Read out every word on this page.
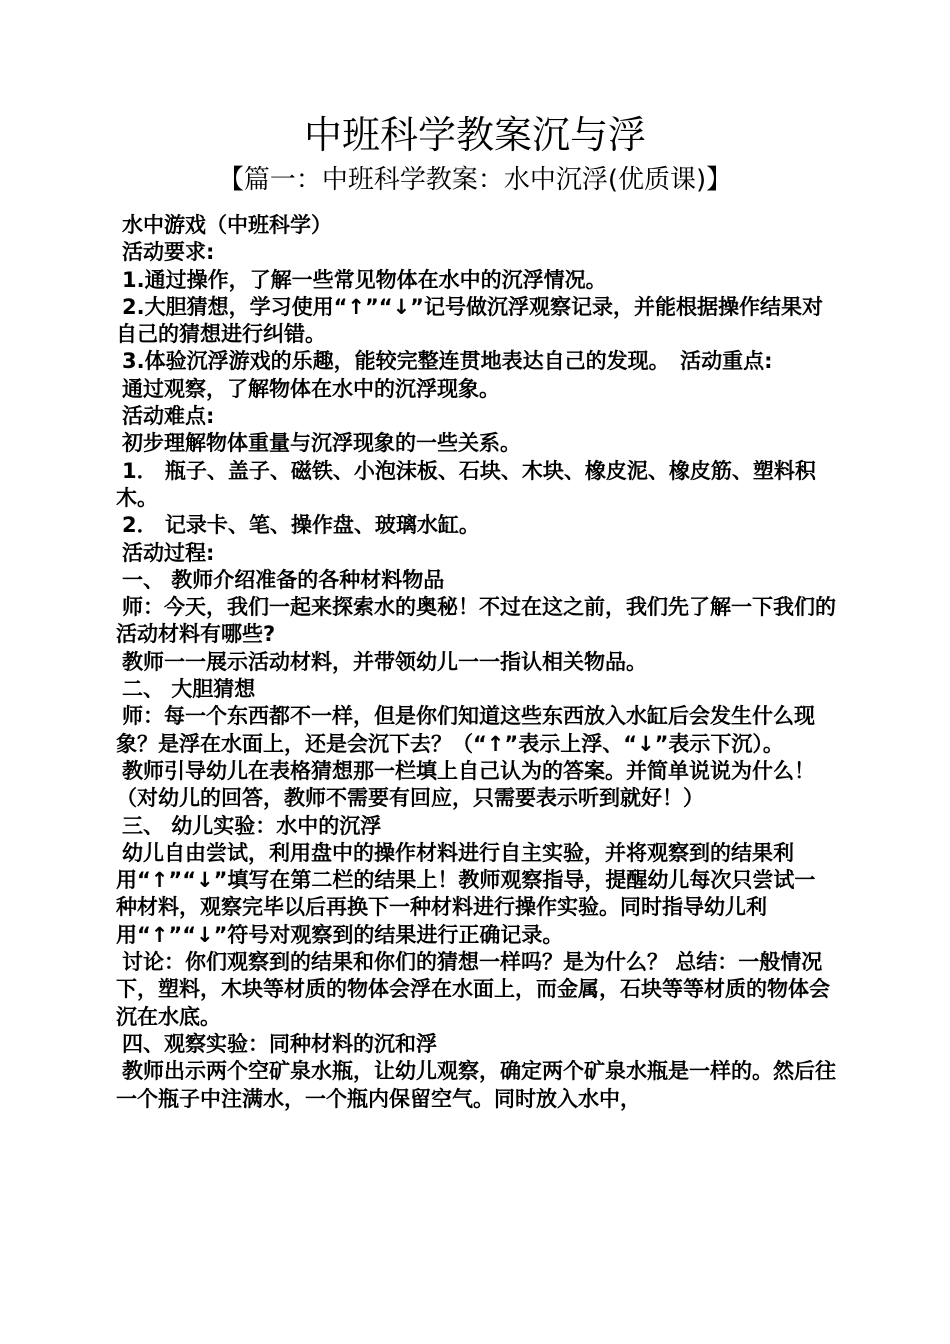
中班科学教案沉与浮
【篇一：中班科学教案：水中沉浮(优质课)】

水中游戏（中班科学）

活动要求:

1.通过操作，了解一些常见物体在水中的沉浮情况。

2.大胆猜想，学习使用“↑”“↓”记号做沉浮观察记录，并能根据操作结果对自己的猜想进行纠错。

3.体验沉浮游戏的乐趣，能较完整连贯地表达自己的发现。　活动重点:

通过观察，了解物体在水中的沉浮现象。

活动难点:

初步理解物体重量与沉浮现象的一些关系。

1． 瓶子、盖子、磁铁、小泡沫板、石块、木块、橡皮泥、橡皮筋、塑料积木。

2． 记录卡、笔、操作盘、玻璃水缸。

活动过程:

一、 教师介绍准备的各种材料物品

师：今天，我们一起来探索水的奥秘！不过在这之前，我们先了解一下我们的活动材料有哪些?

教师一一展示活动材料，并带领幼儿一一指认相关物品。

二、 大胆猜想

师：每一个东西都不一样，但是你们知道这些东西放入水缸后会发生什么现象？是浮在水面上，还是会沉下去？（“↑”表示上浮、“↓”表示下沉）。

教师引导幼儿在表格猜想那一栏填上自己认为的答案。并简单说说为什么！（对幼儿的回答，教师不需要有回应，只需要表示听到就好！）

三、 幼儿实验：水中的沉浮

幼儿自由尝试，利用盘中的操作材料进行自主实验，并将观察到的结果利用“↑”“↓”填写在第二栏的结果上！教师观察指导，提醒幼儿每次只尝试一种材料，观察完毕以后再换下一种材料进行操作实验。同时指导幼儿利用“↑”“↓”符号对观察到的结果进行正确记录。

讨论：你们观察到的结果和你们的猜想一样吗？是为什么？ 总结：一般情况下，塑料，木块等材质的物体会浮在水面上，而金属，石块等等材质的物体会沉在水底。

四、观察实验：同种材料的沉和浮

教师出示两个空矿泉水瓶，让幼儿观察，确定两个矿泉水瓶是一样的。然后往一个瓶子中注满水，一个瓶内保留空气。同时放入水中，
